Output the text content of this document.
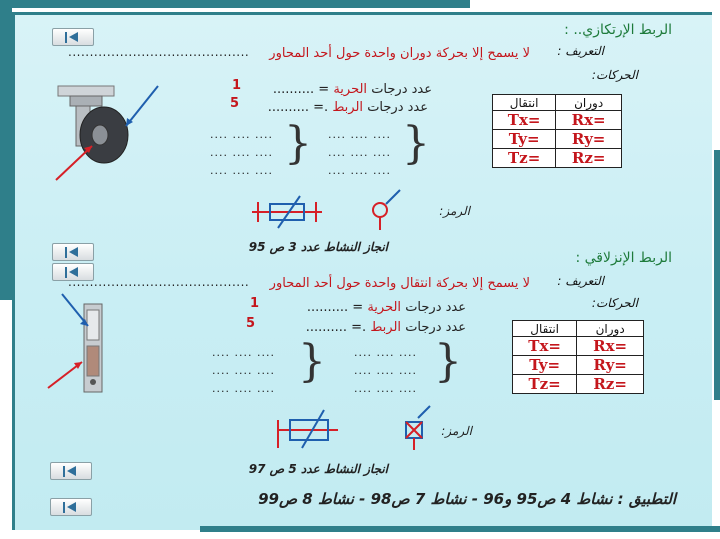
الربط الإرتكازي.. :
التعريف :
لا يسمح إلا بحركة دوران واحدة حول أحد المحاور
..........................................
الحركات:
عدد درجات الحرية = ..........
1
عدد درجات الربط .= ..........
5
.... .... ....
.... .... ....
.... .... ....
} .... .... ....
.... .... ....
.... .... ....
}
انتقال	دوران
Tx=	Rx=
Ty=	Ry=
Tz=	Rz=
الرمز:
انجاز النشاط عدد 3 ص 95
الربط الإنزلاقي :
التعريف :
لا يسمح إلا بحركة انتقال واحدة حول أحد المحاور
..........................................
الحركات:
عدد درجات الحرية = ..........
1
عدد درجات الربط .= ..........
5
.... .... ....
.... .... ....
.... .... ....
}	.... .... ....
.... .... ....
.... .... ....
}
انتقال	دوران
Tx=	Rx=
Ty=	Ry=
Tz=	Rz=
الرمز:
انجاز النشاط عدد 5 ص 97
التطبيق : نشاط 4 ص95 و96 - نشاط 7 ص98 - نشاط 8 ص99
